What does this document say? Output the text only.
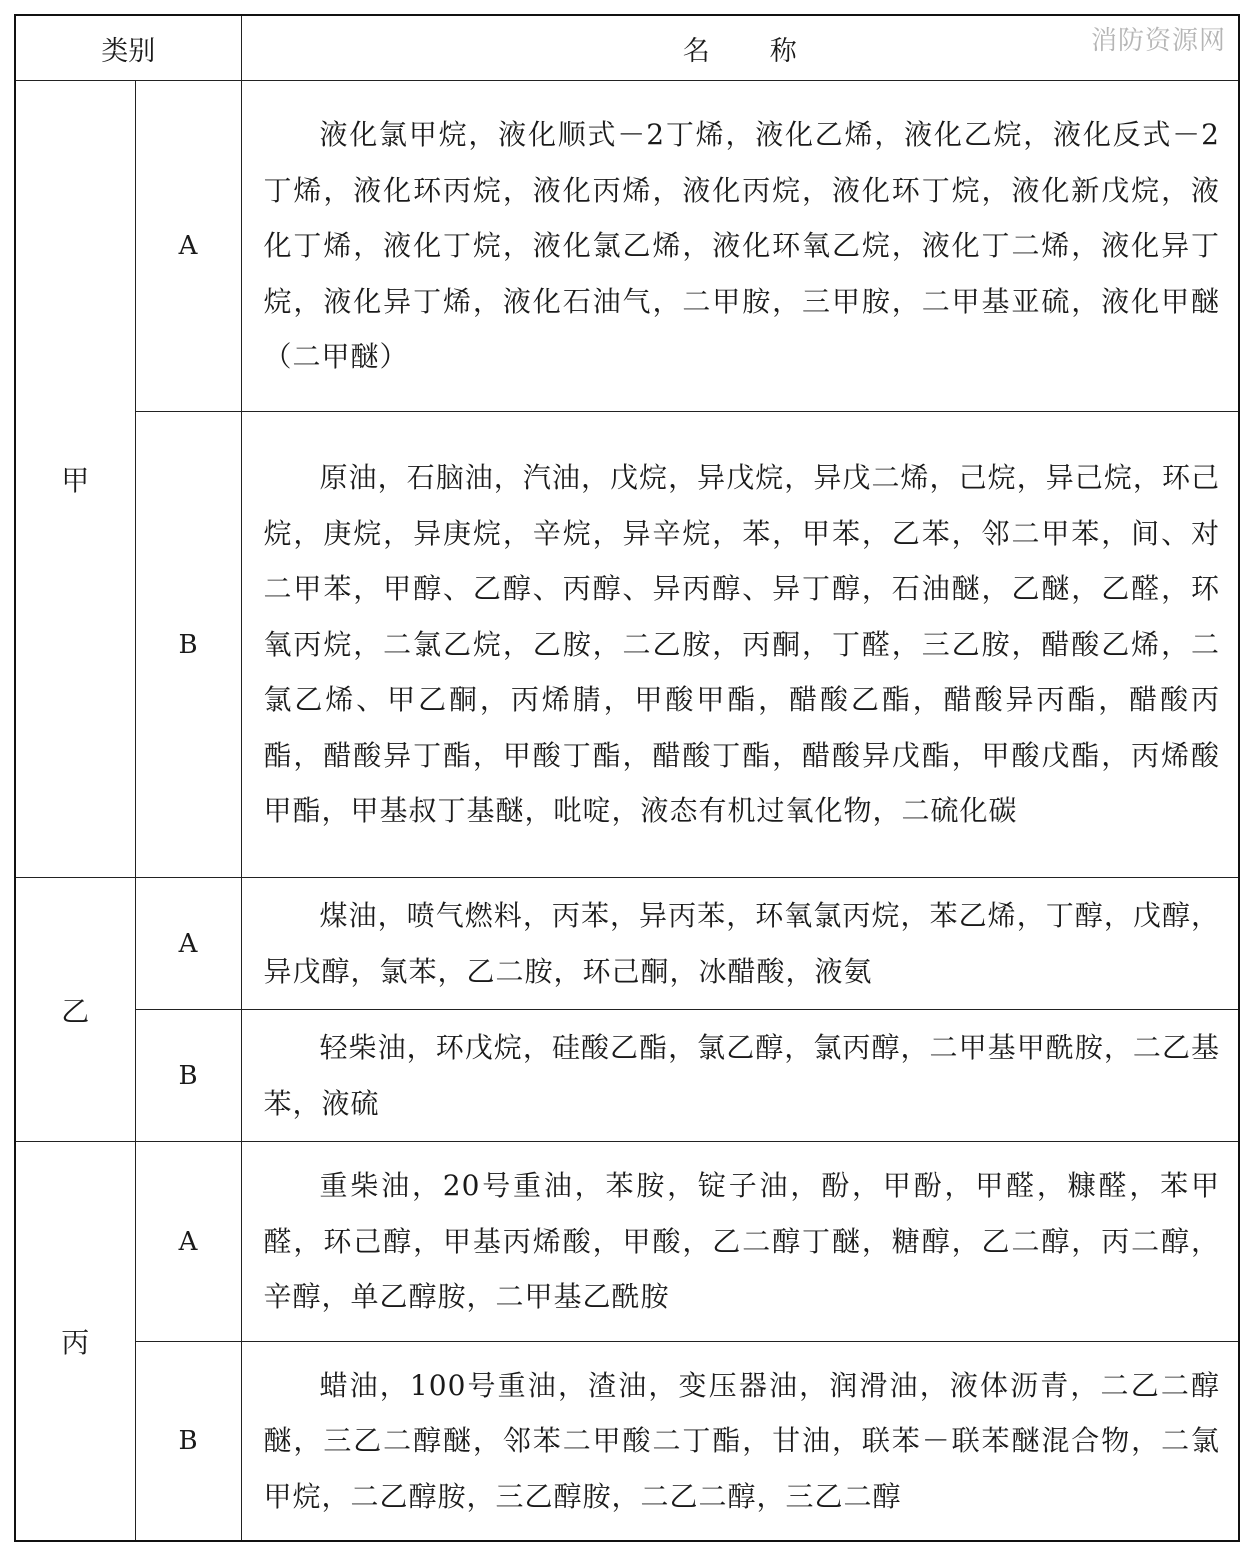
消防资源网
类别		名称
甲	A	液化氯甲烷，液化顺式－2丁烯，液化乙烯，液化乙烷，液化反式－2丁烯，液化环丙烷，液化丙烯，液化丙烷，液化环丁烷，液化新戊烷，液化丁烯，液化丁烷，液化氯乙烯，液化环氧乙烷，液化丁二烯，液化异丁烷，液化异丁烯，液化石油气，二甲胺，三甲胺，二甲基亚硫，液化甲醚（二甲醚）
	B	原油，石脑油，汽油，戊烷，异戊烷，异戊二烯，己烷，异己烷，环己烷，庚烷，异庚烷，辛烷，异辛烷，苯，甲苯，乙苯，邻二甲苯，间、对二甲苯，甲醇、乙醇、丙醇、异丙醇、异丁醇，石油醚，乙醚，乙醛，环氧丙烷，二氯乙烷，乙胺，二乙胺，丙酮，丁醛，三乙胺，醋酸乙烯，二氯乙烯、甲乙酮，丙烯腈，甲酸甲酯，醋酸乙酯，醋酸异丙酯，醋酸丙酯，醋酸异丁酯，甲酸丁酯，醋酸丁酯，醋酸异戊酯，甲酸戊酯，丙烯酸甲酯，甲基叔丁基醚，吡啶，液态有机过氧化物，二硫化碳
乙	A	煤油，喷气燃料，丙苯，异丙苯，环氧氯丙烷，苯乙烯，丁醇，戊醇，异戊醇，氯苯，乙二胺，环己酮，冰醋酸，液氨
	B	轻柴油，环戊烷，硅酸乙酯，氯乙醇，氯丙醇，二甲基甲酰胺，二乙基苯，液硫
丙	A	重柴油，20号重油，苯胺，锭子油，酚，甲酚，甲醛，糠醛，苯甲醛，环己醇，甲基丙烯酸，甲酸，乙二醇丁醚，糖醇，乙二醇，丙二醇，辛醇，单乙醇胺，二甲基乙酰胺
	B	蜡油，100号重油，渣油，变压器油，润滑油，液体沥青，二乙二醇醚，三乙二醇醚，邻苯二甲酸二丁酯，甘油，联苯－联苯醚混合物，二氯甲烷，二乙醇胺，三乙醇胺，二乙二醇，三乙二醇
